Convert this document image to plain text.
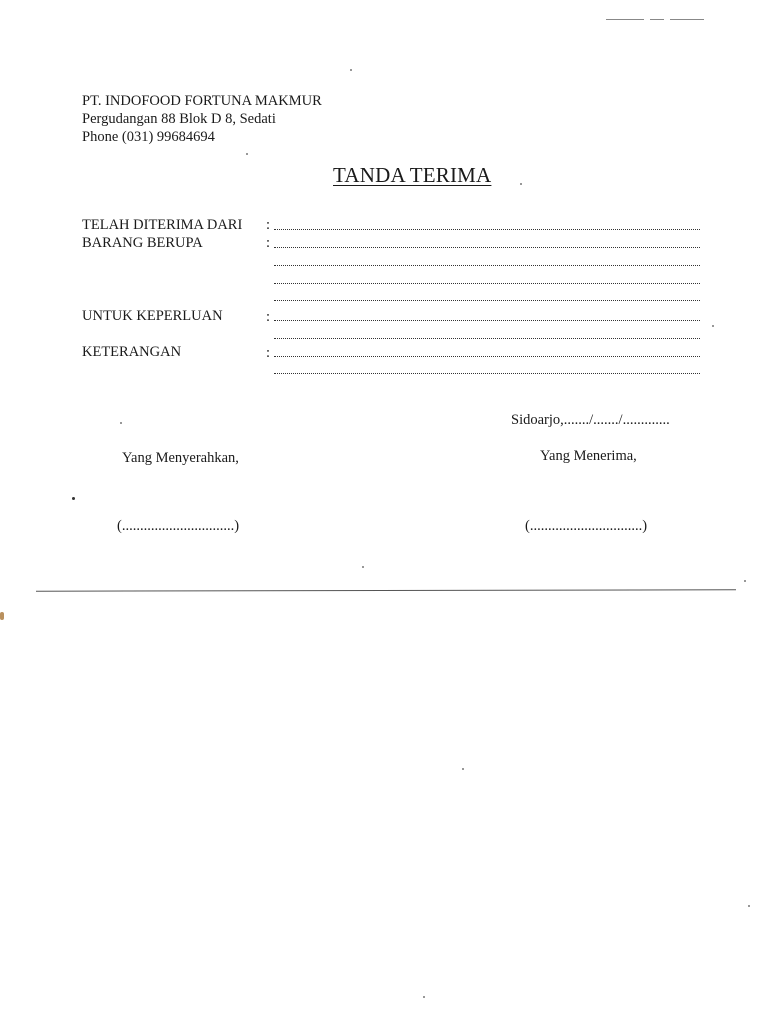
PT. INDOFOOD FORTUNA MAKMUR
Pergudangan 88 Blok D 8, Sedati
Phone (031) 99684694
TANDA TERIMA
TELAH DITERIMA DARI :
BARANG BERUPA	:
UNTUK KEPERLUAN	:
KETERANGAN	:
Sidoarjo,......./......./.............
Yang Menyerahkan,	Yang Menerima,
(...............................)	(...............................)
